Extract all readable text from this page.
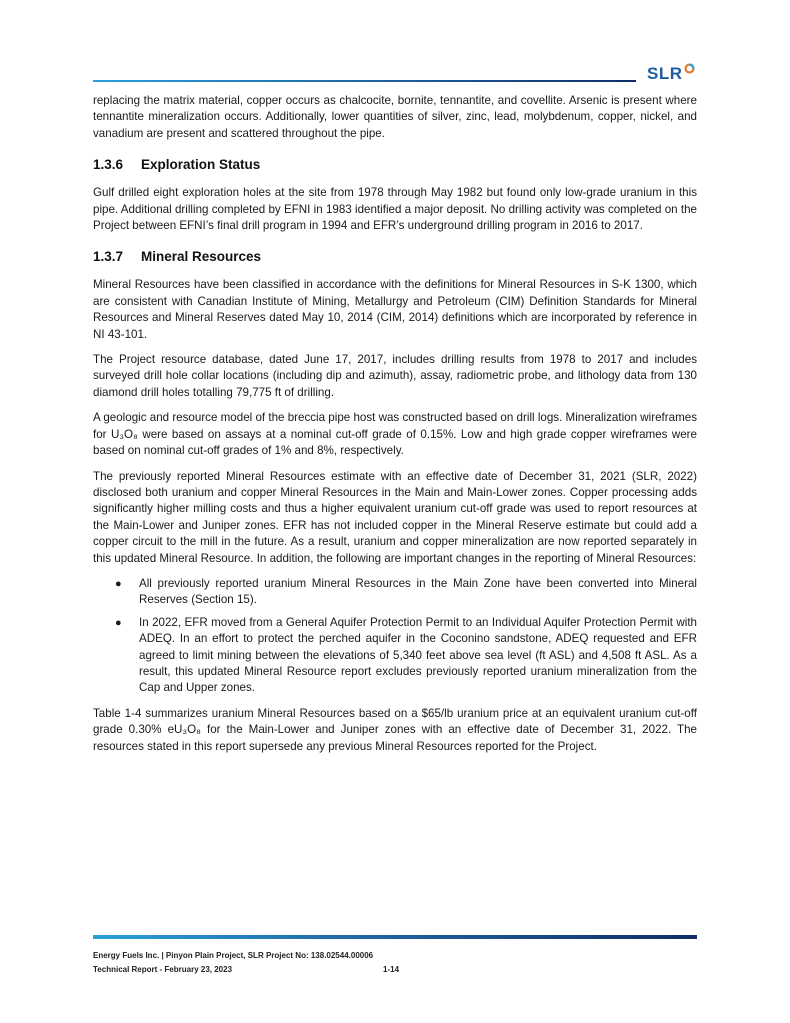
SLR

replacing the matrix material, copper occurs as chalcocite, bornite, tennantite, and covellite. Arsenic is present where tennantite mineralization occurs. Additionally, lower quantities of silver, zinc, lead, molybdenum, copper, nickel, and vanadium are present and scattered throughout the pipe.

1.3.6 Exploration Status

Gulf drilled eight exploration holes at the site from 1978 through May 1982 but found only low-grade uranium in this pipe. Additional drilling completed by EFNI in 1983 identified a major deposit. No drilling activity was completed on the Project between EFNI’s final drill program in 1994 and EFR’s underground drilling program in 2016 to 2017.

1.3.7 Mineral Resources

Mineral Resources have been classified in accordance with the definitions for Mineral Resources in S-K 1300, which are consistent with Canadian Institute of Mining, Metallurgy and Petroleum (CIM) Definition Standards for Mineral Resources and Mineral Reserves dated May 10, 2014 (CIM, 2014) definitions which are incorporated by reference in NI 43-101.

The Project resource database, dated June 17, 2017, includes drilling results from 1978 to 2017 and includes surveyed drill hole collar locations (including dip and azimuth), assay, radiometric probe, and lithology data from 130 diamond drill holes totalling 79,775 ft of drilling.

A geologic and resource model of the breccia pipe host was constructed based on drill logs. Mineralization wireframes for U₃O₈ were based on assays at a nominal cut-off grade of 0.15%. Low and high grade copper wireframes were based on nominal cut-off grades of 1% and 8%, respectively.

The previously reported Mineral Resources estimate with an effective date of December 31, 2021 (SLR, 2022) disclosed both uranium and copper Mineral Resources in the Main and Main-Lower zones. Copper processing adds significantly higher milling costs and thus a higher equivalent uranium cut-off grade was used to report resources at the Main-Lower and Juniper zones. EFR has not included copper in the Mineral Reserve estimate but could add a copper circuit to the mill in the future. As a result, uranium and copper mineralization are now reported separately in this updated Mineral Resource. In addition, the following are important changes in the reporting of Mineral Resources:

● All previously reported uranium Mineral Resources in the Main Zone have been converted into Mineral Reserves (Section 15).
● In 2022, EFR moved from a General Aquifer Protection Permit to an Individual Aquifer Protection Permit with ADEQ. In an effort to protect the perched aquifer in the Coconino sandstone, ADEQ requested and EFR agreed to limit mining between the elevations of 5,340 feet above sea level (ft ASL) and 4,508 ft ASL. As a result, this updated Mineral Resource report excludes previously reported uranium mineralization from the Cap and Upper zones.

Table 1-4 summarizes uranium Mineral Resources based on a $65/lb uranium price at an equivalent uranium cut-off grade 0.30% eU₃O₈ for the Main-Lower and Juniper zones with an effective date of December 31, 2022. The resources stated in this report supersede any previous Mineral Resources reported for the Project.

Energy Fuels Inc. | Pinyon Plain Project, SLR Project No: 138.02544.00006
Technical Report - February 23, 2023	1-14
